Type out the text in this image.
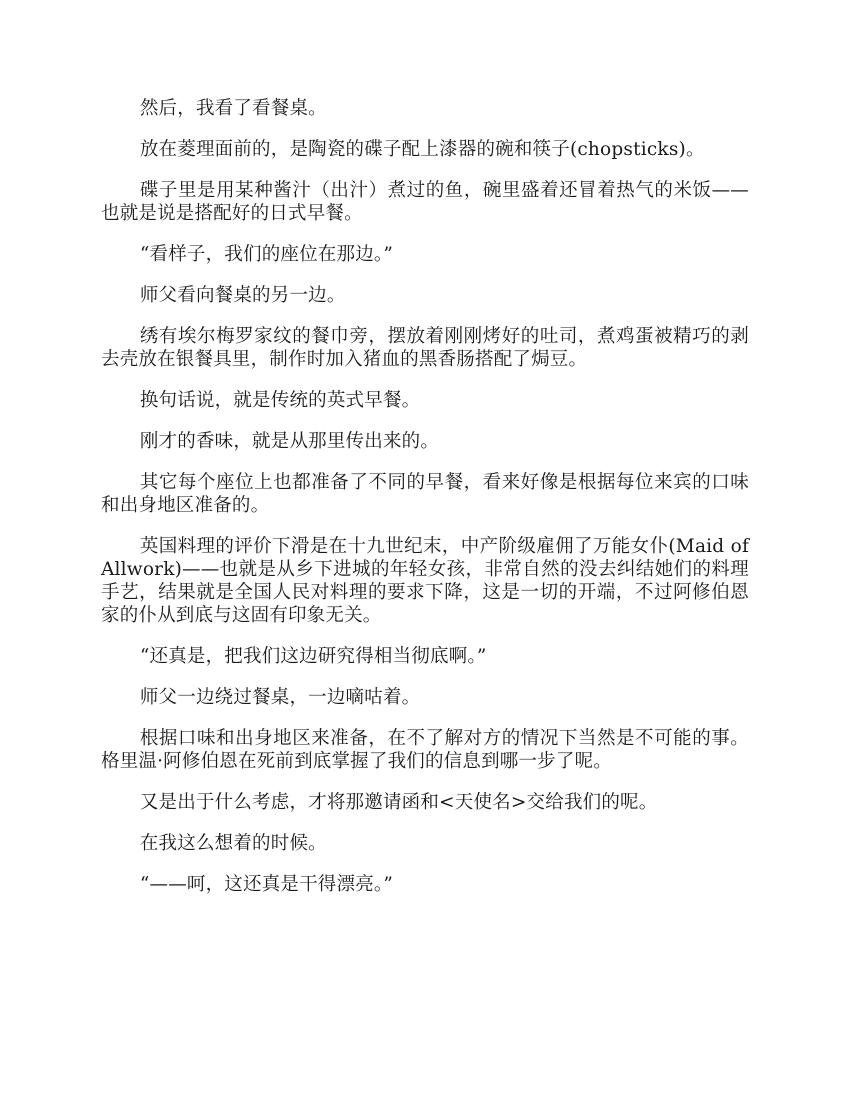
然后，我看了看餐桌。

放在菱理面前的，是陶瓷的碟子配上漆器的碗和筷子(chopsticks)。

碟子里是用某种酱汁（出汁）煮过的鱼，碗里盛着还冒着热气的米饭——也就是说是搭配好的日式早餐。

“看样子，我们的座位在那边。”

师父看向餐桌的另一边。

绣有埃尔梅罗家纹的餐巾旁，摆放着刚刚烤好的吐司，煮鸡蛋被精巧的剥去壳放在银餐具里，制作时加入猪血的黑香肠搭配了焗豆。

换句话说，就是传统的英式早餐。

刚才的香味，就是从那里传出来的。

其它每个座位上也都准备了不同的早餐，看来好像是根据每位来宾的口味和出身地区准备的。

英国料理的评价下滑是在十九世纪末，中产阶级雇佣了万能女仆(Maid of Allwork)——也就是从乡下进城的年轻女孩，非常自然的没去纠结她们的料理手艺，结果就是全国人民对料理的要求下降，这是一切的开端，不过阿修伯恩家的仆从到底与这固有印象无关。

“还真是，把我们这边研究得相当彻底啊。”

师父一边绕过餐桌，一边嘀咕着。

根据口味和出身地区来准备，在不了解对方的情况下当然是不可能的事。格里温·阿修伯恩在死前到底掌握了我们的信息到哪一步了呢。

又是出于什么考虑，才将那邀请函和<天使名>交给我们的呢。

在我这么想着的时候。

“——呵，这还真是干得漂亮。”
